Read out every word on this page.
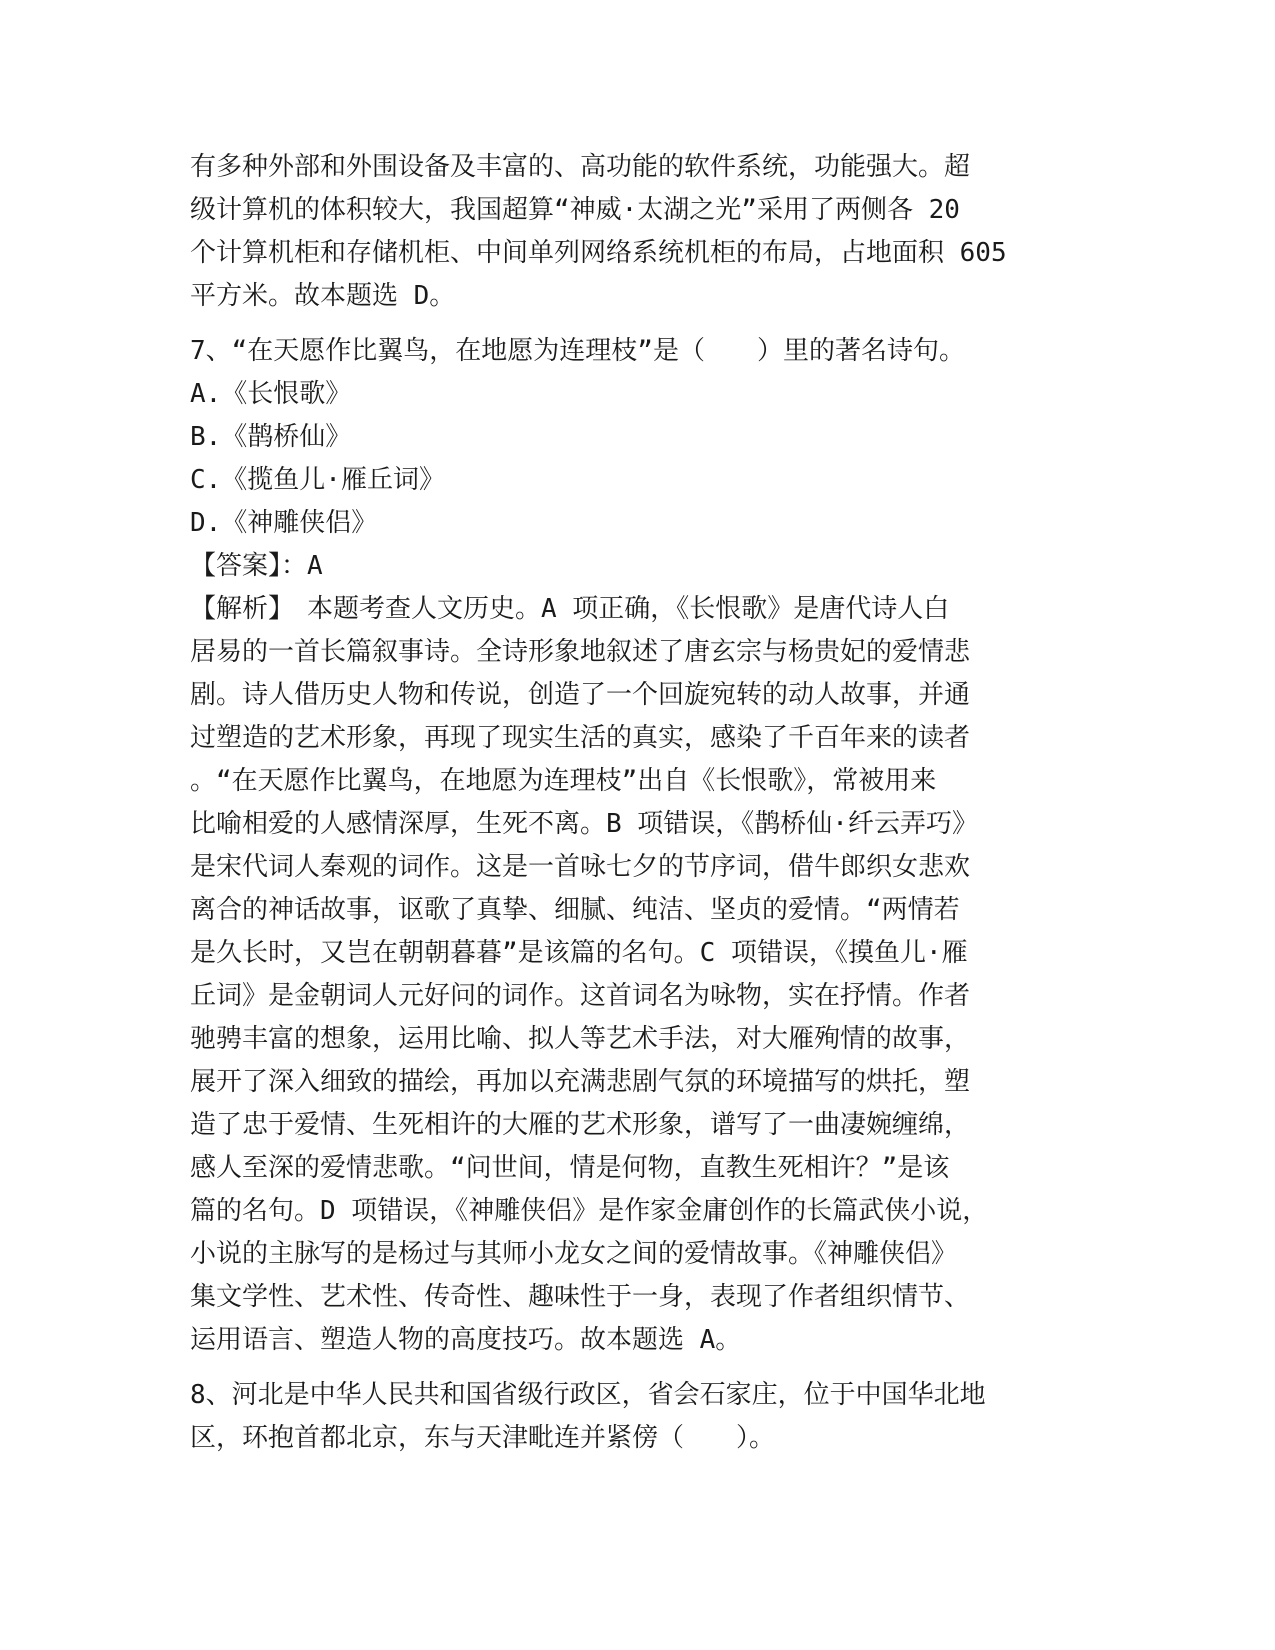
有多种外部和外围设备及丰富的、高功能的软件系统，功能强大。超
级计算机的体积较大，我国超算“神威·太湖之光”采用了两侧各 20
个计算机柜和存储机柜、中间单列网络系统机柜的布局，占地面积 605
平方米。故本题选 D。
7、“在天愿作比翼鸟，在地愿为连理枝”是（　　）里的著名诗句。
A.《长恨歌》
B.《鹊桥仙》
C.《揽鱼儿·雁丘词》
D.《神雕侠侣》
【答案】：A
【解析】　本题考查人文历史。A 项正确，《长恨歌》是唐代诗人白
居易的一首长篇叙事诗。全诗形象地叙述了唐玄宗与杨贵妃的爱情悲
剧。诗人借历史人物和传说，创造了一个回旋宛转的动人故事，并通
过塑造的艺术形象，再现了现实生活的真实，感染了千百年来的读者
。“在天愿作比翼鸟，在地愿为连理枝”出自《长恨歌》，常被用来
比喻相爱的人感情深厚，生死不离。B 项错误，《鹊桥仙·纤云弄巧》
是宋代词人秦观的词作。这是一首咏七夕的节序词，借牛郎织女悲欢
离合的神话故事，讴歌了真挚、细腻、纯洁、坚贞的爱情。“两情若
是久长时，又岂在朝朝暮暮”是该篇的名句。C 项错误，《摸鱼儿·雁
丘词》是金朝词人元好问的词作。这首词名为咏物，实在抒情。作者
驰骋丰富的想象，运用比喻、拟人等艺术手法，对大雁殉情的故事，
展开了深入细致的描绘，再加以充满悲剧气氛的环境描写的烘托，塑
造了忠于爱情、生死相许的大雁的艺术形象，谱写了一曲凄婉缠绵，
感人至深的爱情悲歌。“问世间，情是何物，直教生死相许？”是该
篇的名句。D 项错误，《神雕侠侣》是作家金庸创作的长篇武侠小说，
小说的主脉写的是杨过与其师小龙女之间的爱情故事。《神雕侠侣》
集文学性、艺术性、传奇性、趣味性于一身，表现了作者组织情节、
运用语言、塑造人物的高度技巧。故本题选 A。
8、河北是中华人民共和国省级行政区，省会石家庄，位于中国华北地
区，环抱首都北京，东与天津毗连并紧傍（　　）。
